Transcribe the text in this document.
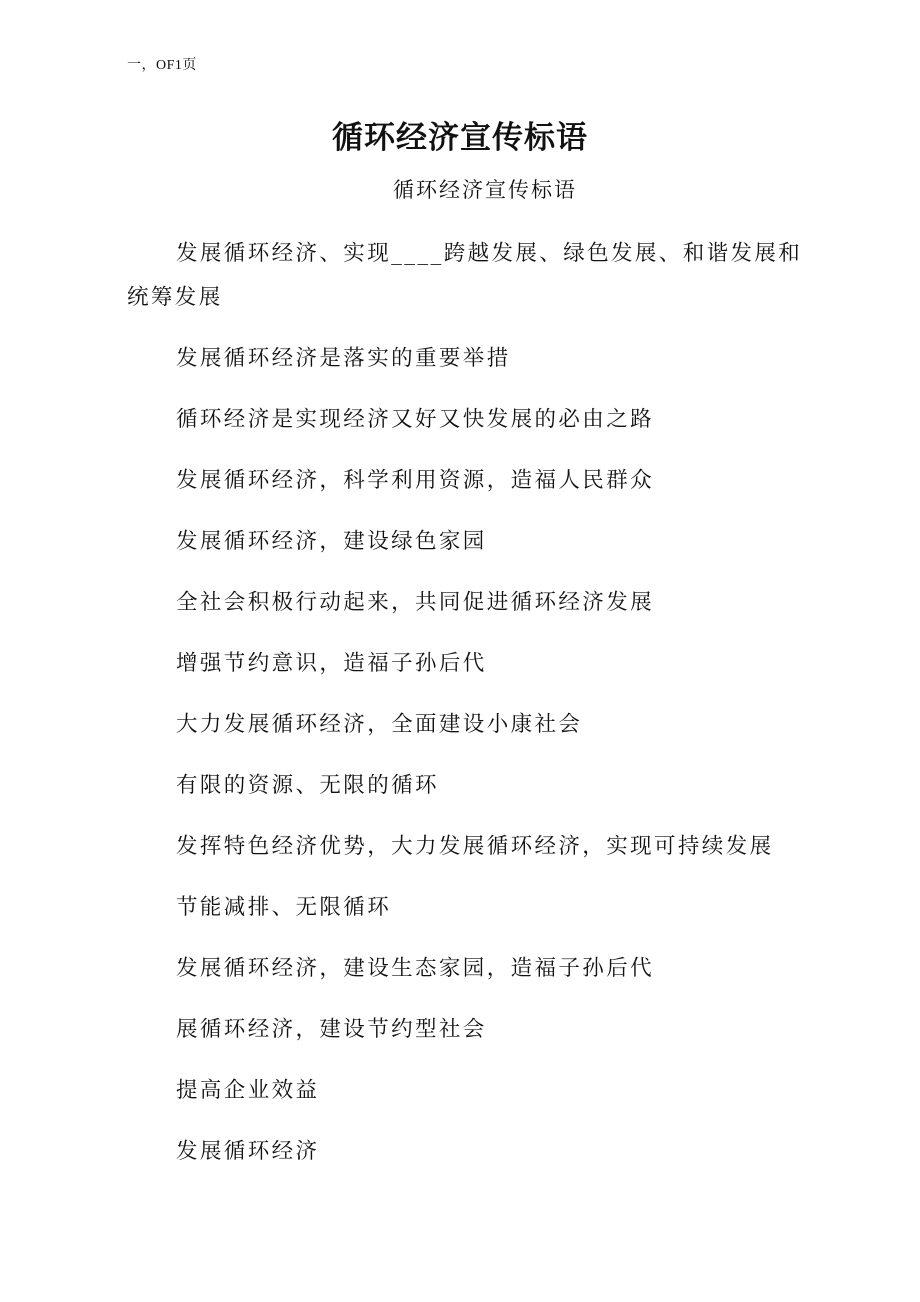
一，OF1页
循环经济宣传标语
循环经济宣传标语
发展循环经济、实现____跨越发展、绿色发展、和谐发展和统筹发展
发展循环经济是落实的重要举措
循环经济是实现经济又好又快发展的必由之路
发展循环经济，科学利用资源，造福人民群众
发展循环经济，建设绿色家园
全社会积极行动起来，共同促进循环经济发展
增强节约意识，造福子孙后代
大力发展循环经济，全面建设小康社会
有限的资源、无限的循环
发挥特色经济优势，大力发展循环经济，实现可持续发展
节能减排、无限循环
发展循环经济，建设生态家园，造福子孙后代
展循环经济，建设节约型社会
提高企业效益
发展循环经济
